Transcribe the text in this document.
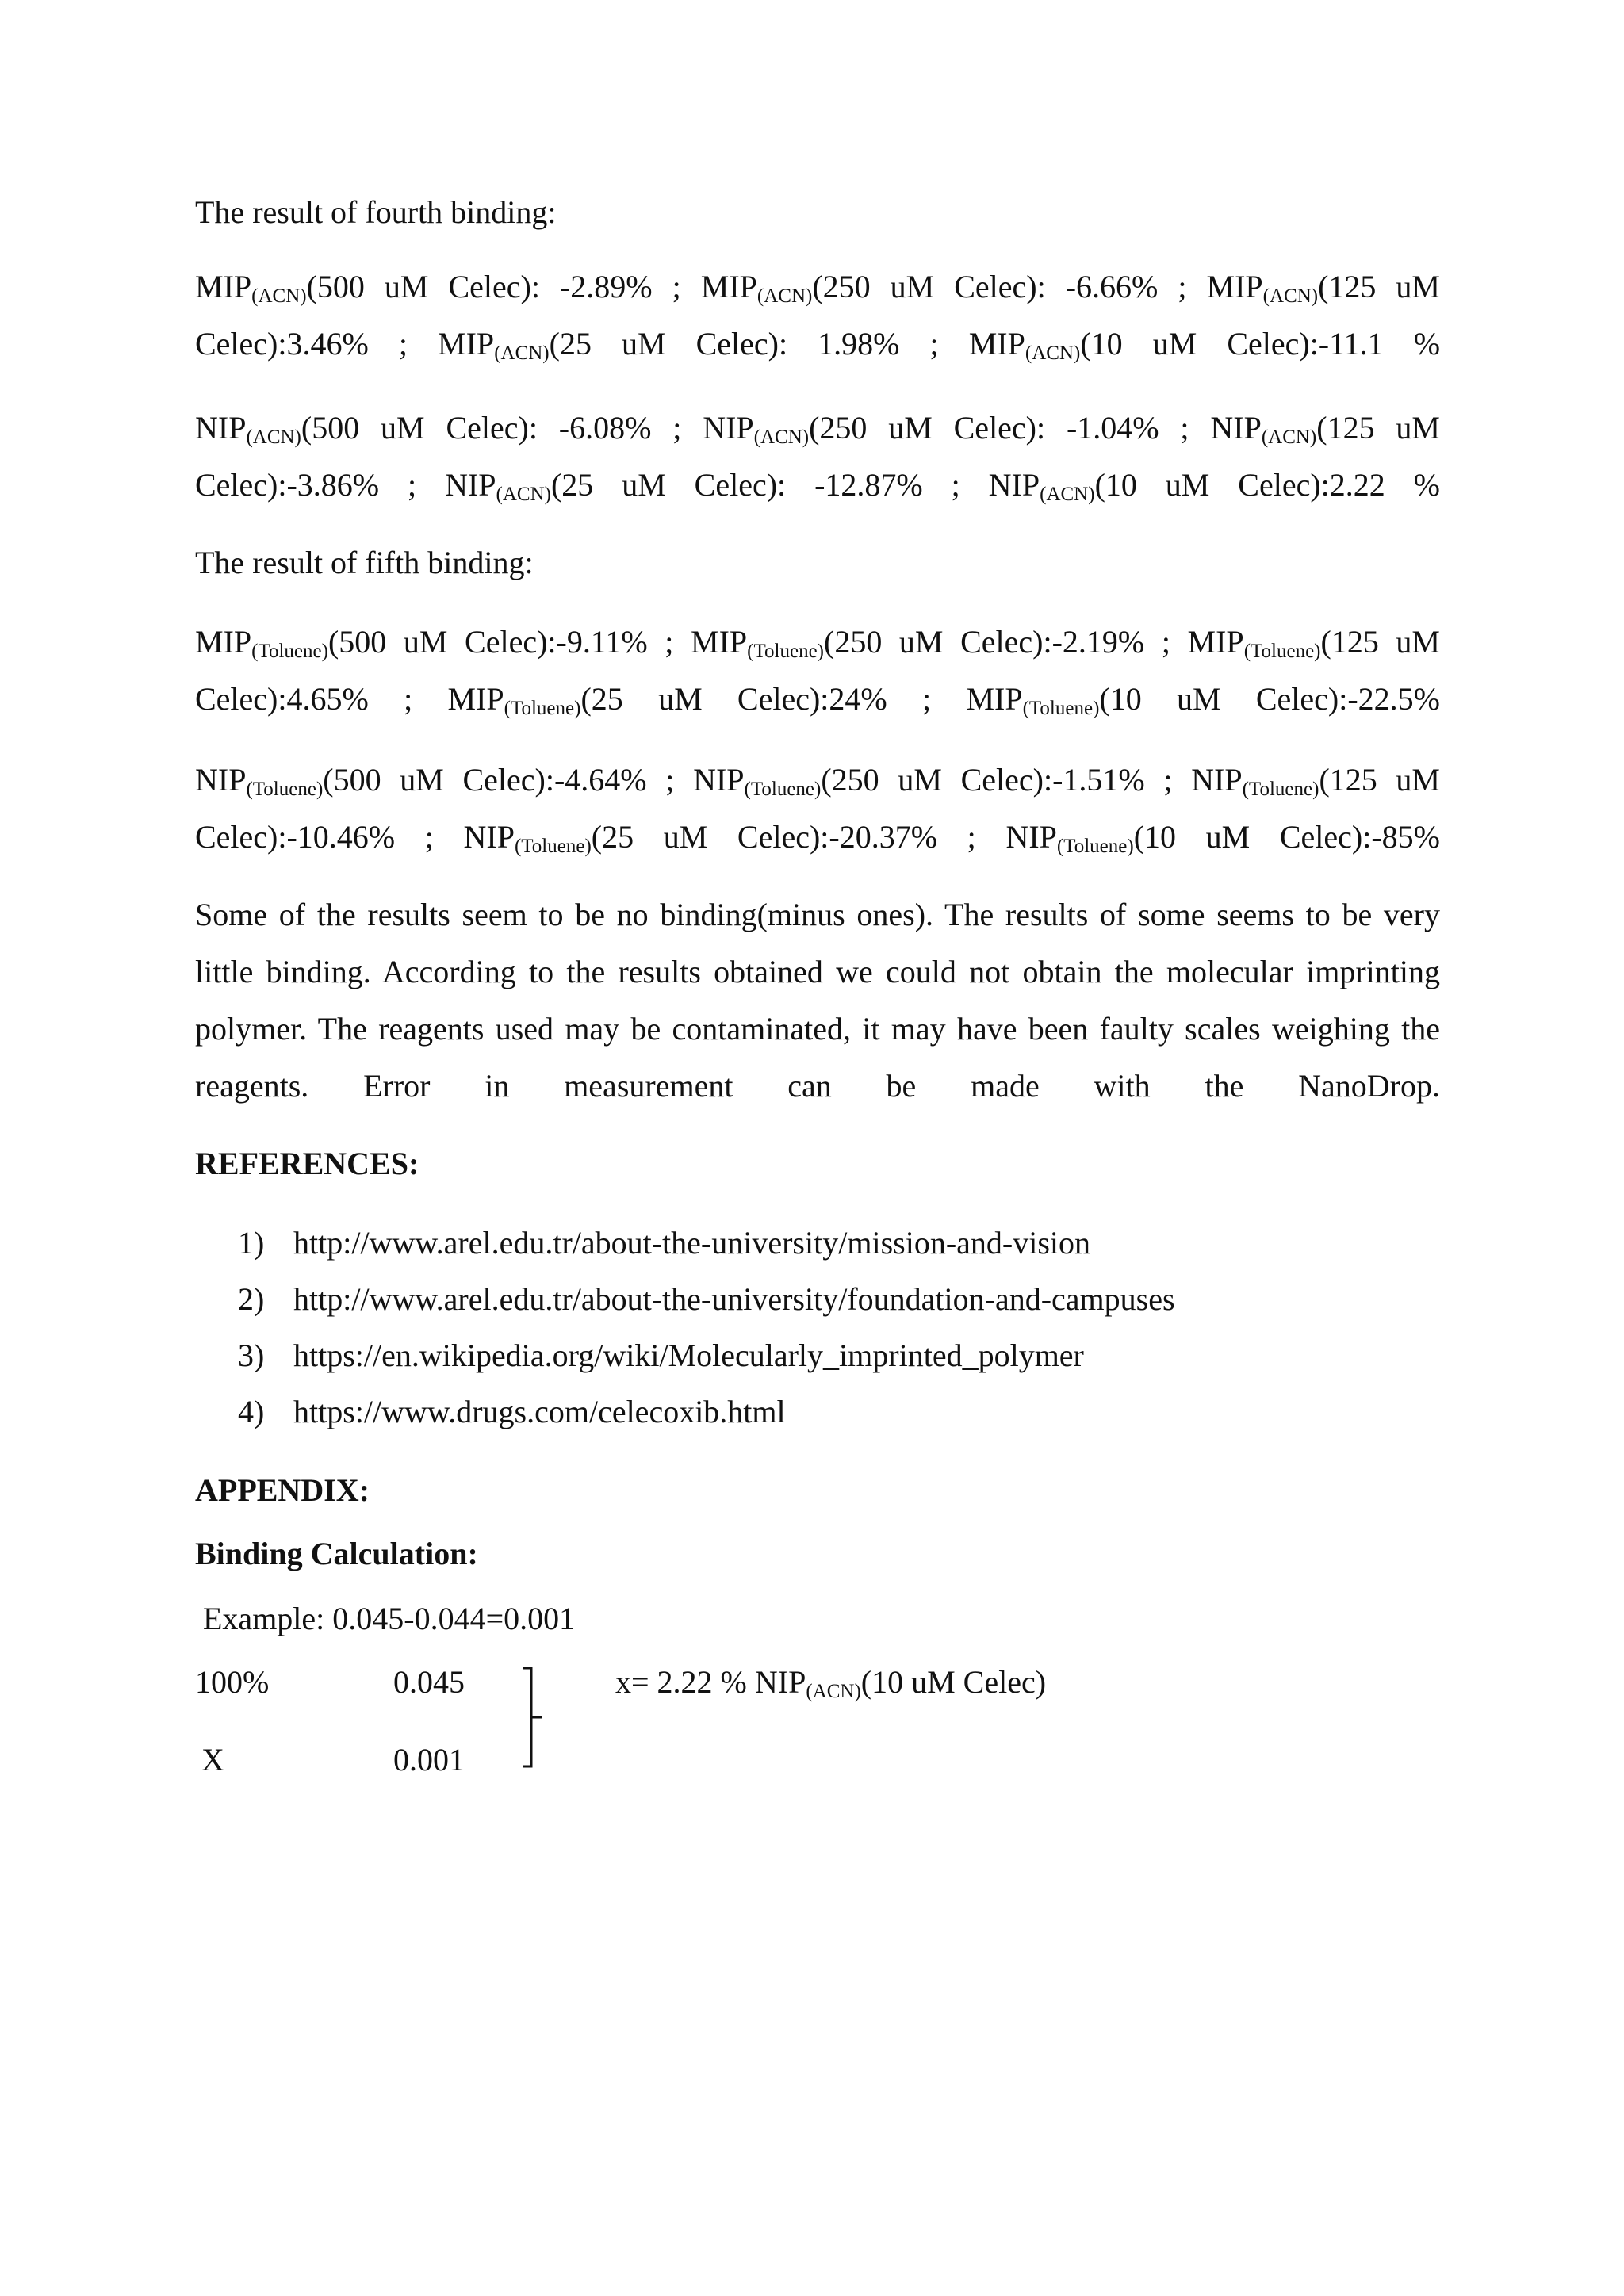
The result of fourth binding:
$MIP_{(ACN)}(500$ uM Celec): -2.89% ; $MIP_{(ACN)}(250$ uM Celec): -6.66% ; $MIP_{(ACN)}(125$ uM Celec):3.46% ; $MIP_{(ACN)}(25$ uM Celec): 1.98% ; $MIP_{(ACN)}(10$ uM Celec):-11.1 %
$NIP_{(ACN)}(500$ uM Celec): -6.08% ; $NIP_{(ACN)}(250$ uM Celec): -1.04% ; $NIP_{(ACN)}(125$ uM Celec):-3.86% ; $NIP_{(ACN)}(25$ uM Celec): -12.87% ; $NIP_{(ACN)}(10$ uM Celec):2.22 %
The result of fifth binding:
$MIP_{(Toluene)}(500$ uM Celec):-9.11% ; $MIP_{(Toluene)}(250$ uM Celec):-2.19% ; $MIP_{(Toluene)}(125$ uM Celec):4.65% ; $MIP_{(Toluene)}(25$ uM Celec):24% ; $MIP_{(Toluene)}(10$ uM Celec):-22.5%
$NIP_{(Toluene)}(500$ uM Celec):-4.64% ; $NIP_{(Toluene)}(250$ uM Celec):-1.51% ; $NIP_{(Toluene)}(125$ uM Celec):-10.46% ; $NIP_{(Toluene)}(25$ uM Celec):-20.37% ; $NIP_{(Toluene)}(10$ uM Celec):-85%
Some of the results seem to be no binding(minus ones). The results of some seems to be very little binding. According to the results obtained we could not obtain the molecular imprinting polymer. The reagents used may be contaminated, it may have been faulty scales weighing the reagents. Error in measurement can be made with the NanoDrop.
REFERENCES:
1) http://www.arel.edu.tr/about-the-university/mission-and-vision
2) http://www.arel.edu.tr/about-the-university/foundation-and-campuses
3) https://en.wikipedia.org/wiki/Molecularly_imprinted_polymer
4) https://www.drugs.com/celecoxib.html
APPENDIX:
Binding Calculation:
Example: 0.045-0.044=0.001
100%	0.045
X	0.001
x= 2.22 % $NIP_{(ACN)}(10$ uM Celec)
